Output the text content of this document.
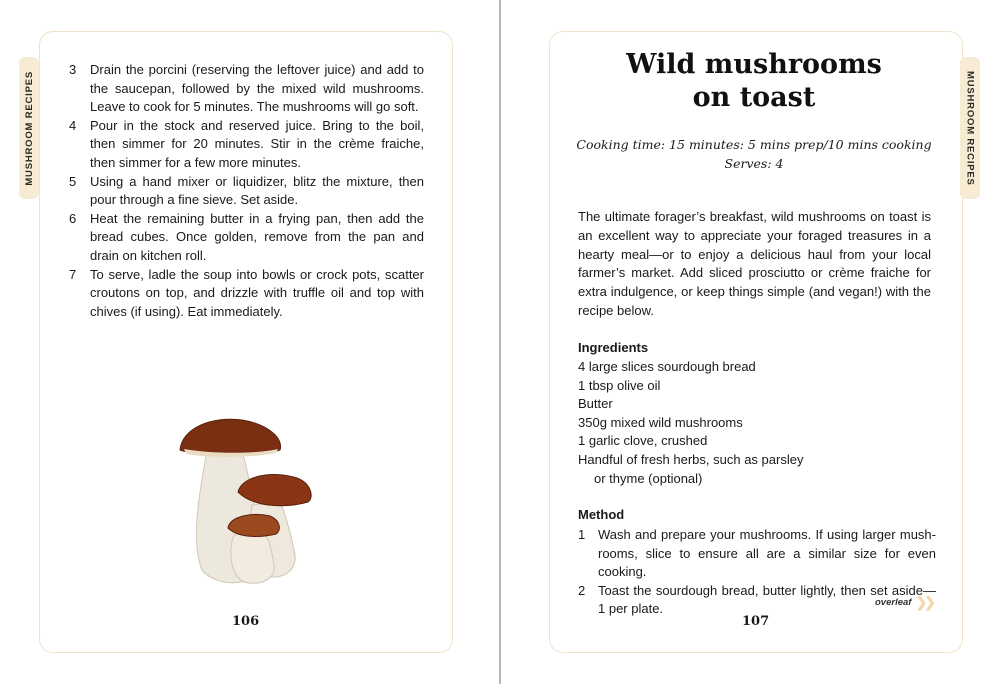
MUSHROOM RECIPES
3 Drain the porcini (reserving the leftover juice) and add to the saucepan, followed by the mixed wild mushrooms. Leave to cook for 5 minutes. The mushrooms will go soft.
4 Pour in the stock and reserved juice. Bring to the boil, then simmer for 20 minutes. Stir in the crème fraiche, then simmer for a few more minutes.
5 Using a hand mixer or liquidizer, blitz the mixture, then pour through a fine sieve. Set aside.
6 Heat the remaining butter in a frying pan, then add the bread cubes. Once golden, remove from the pan and drain on kitchen roll.
7 To serve, ladle the soup into bowls or crock pots, scatter croutons on top, and drizzle with truffle oil and top with chives (if using). Eat immediately.
106
MUSHROOM RECIPES
Wild mushrooms
on toast
Cooking time: 15 minutes: 5 mins prep/10 mins cooking
Serves: 4
The ultimate forager’s breakfast, wild mushrooms on toast is an excellent way to appreciate your foraged treasures in a hearty meal—or to enjoy a delicious haul from your local farmer’s market. Add sliced prosciutto or crème fraiche for extra indulgence, or keep things simple (and vegan!) with the recipe below.
Ingredients
4 large slices sourdough bread
1 tbsp olive oil
Butter
350g mixed wild mushrooms
1 garlic clove, crushed
Handful of fresh herbs, such as parsley
or thyme (optional)
Method
1 Wash and prepare your mushrooms. If using larger mushrooms, slice to ensure all are a similar size for even cooking.
2 Toast the sourdough bread, butter lightly, then set aside—1 per plate.	overleaf ❯❯
107
